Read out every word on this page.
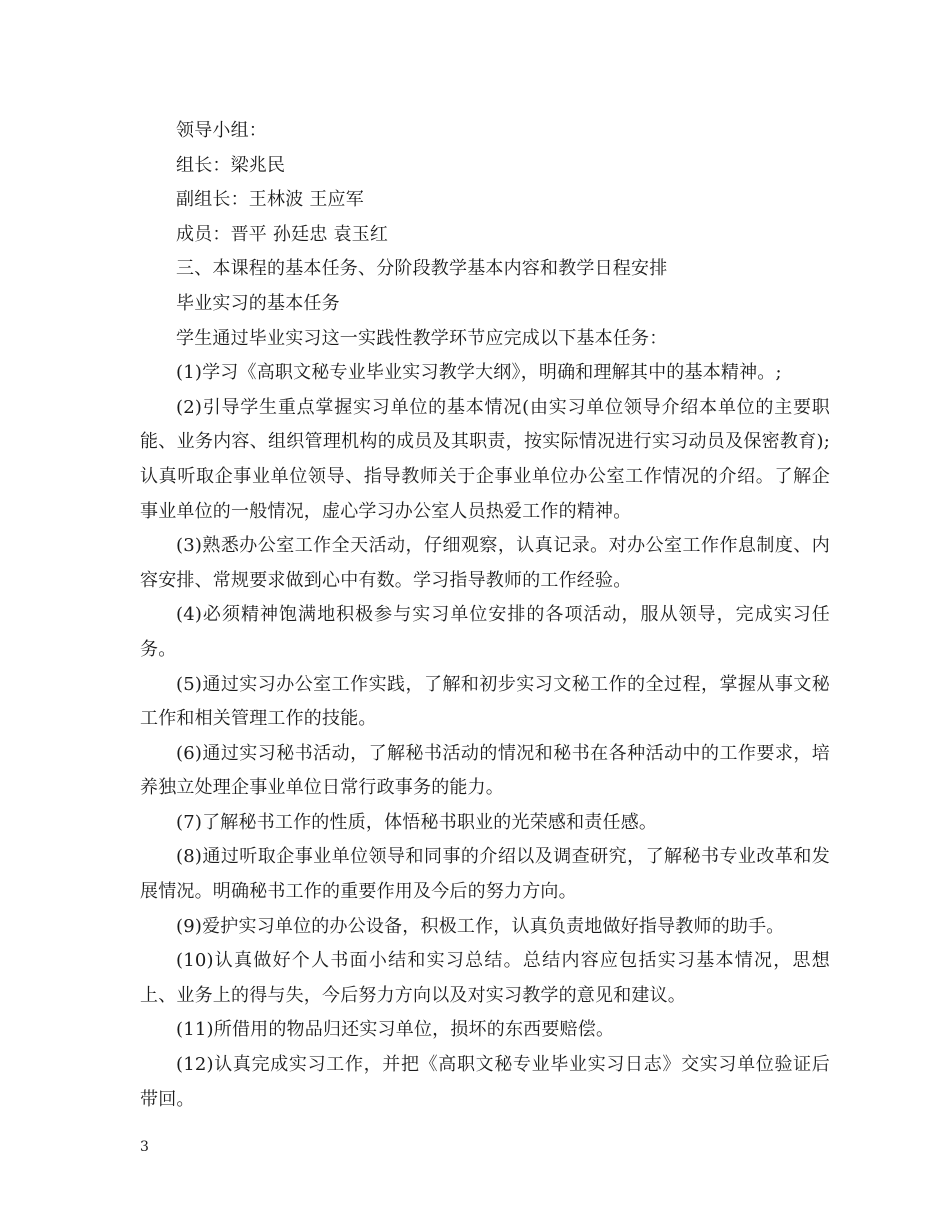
领导小组：

组长：梁兆民

副组长：王林波 王应军

成员：晋平 孙廷忠 袁玉红

三、本课程的基本任务、分阶段教学基本内容和教学日程安排

毕业实习的基本任务

学生通过毕业实习这一实践性教学环节应完成以下基本任务：

(1)学习《高职文秘专业毕业实习教学大纲》，明确和理解其中的基本精神。;

(2)引导学生重点掌握实习单位的基本情况(由实习单位领导介绍本单位的主要职能、业务内容、组织管理机构的成员及其职责，按实际情况进行实习动员及保密教育);认真听取企事业单位领导、指导教师关于企事业单位办公室工作情况的介绍。了解企事业单位的一般情况，虚心学习办公室人员热爱工作的精神。

(3)熟悉办公室工作全天活动，仔细观察，认真记录。对办公室工作作息制度、内容安排、常规要求做到心中有数。学习指导教师的工作经验。

(4)必须精神饱满地积极参与实习单位安排的各项活动，服从领导，完成实习任务。

(5)通过实习办公室工作实践，了解和初步实习文秘工作的全过程，掌握从事文秘工作和相关管理工作的技能。

(6)通过实习秘书活动，了解秘书活动的情况和秘书在各种活动中的工作要求，培养独立处理企事业单位日常行政事务的能力。

(7)了解秘书工作的性质，体悟秘书职业的光荣感和责任感。

(8)通过听取企事业单位领导和同事的介绍以及调查研究，了解秘书专业改革和发展情况。明确秘书工作的重要作用及今后的努力方向。

(9)爱护实习单位的办公设备，积极工作，认真负责地做好指导教师的助手。

(10)认真做好个人书面小结和实习总结。总结内容应包括实习基本情况，思想上、业务上的得与失，今后努力方向以及对实习教学的意见和建议。

(11)所借用的物品归还实习单位，损坏的东西要赔偿。

(12)认真完成实习工作，并把《高职文秘专业毕业实习日志》交实习单位验证后带回。

3
